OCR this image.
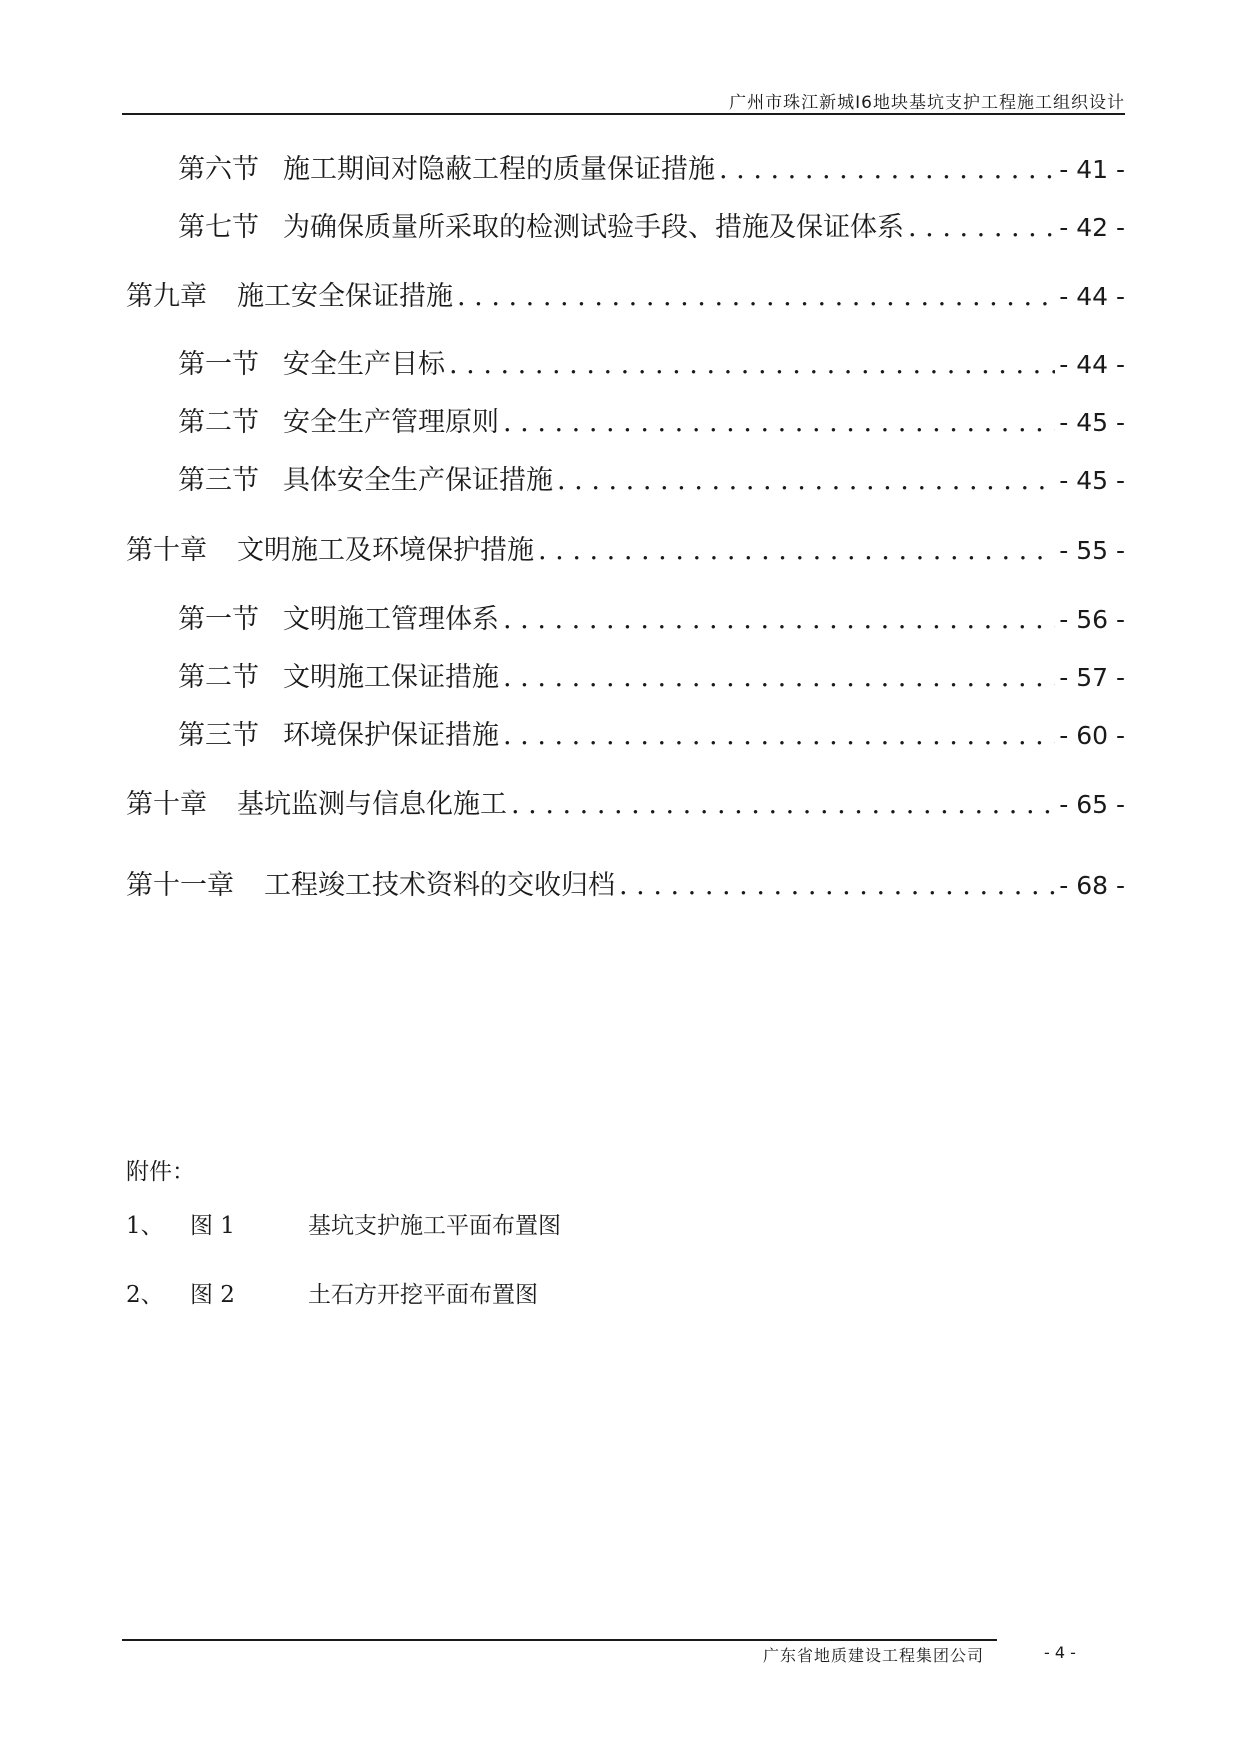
广州市珠江新城I6地块基坑支护工程施工组织设计
第六节 施工期间对隐蔽工程的质量保证措施 . . .	- 41 -
第七节 为确保质量所采取的检测试验手段、措施及保证体系 . . .	- 42 -
第九章 施工安全保证措施 . . .	- 44 -
第一节 安全生产目标 . . .	- 44 -
第二节 安全生产管理原则 . . .	- 45 -
第三节 具体安全生产保证措施 . . .	- 45 -
第十章 文明施工及环境保护措施 . . .	- 55 -
第一节 文明施工管理体系 . . .	- 56 -
第二节 文明施工保证措施 . . .	- 57 -
第三节 环境保护保证措施 . . .	- 60 -
第十章 基坑监测与信息化施工 . . .	- 65 -
第十一章 工程竣工技术资料的交收归档 . . .	- 68 -
附件：
1、 图 1	基坑支护施工平面布置图
2、 图 2	土石方开挖平面布置图
广东省地质建设工程集团公司	- 4 -
